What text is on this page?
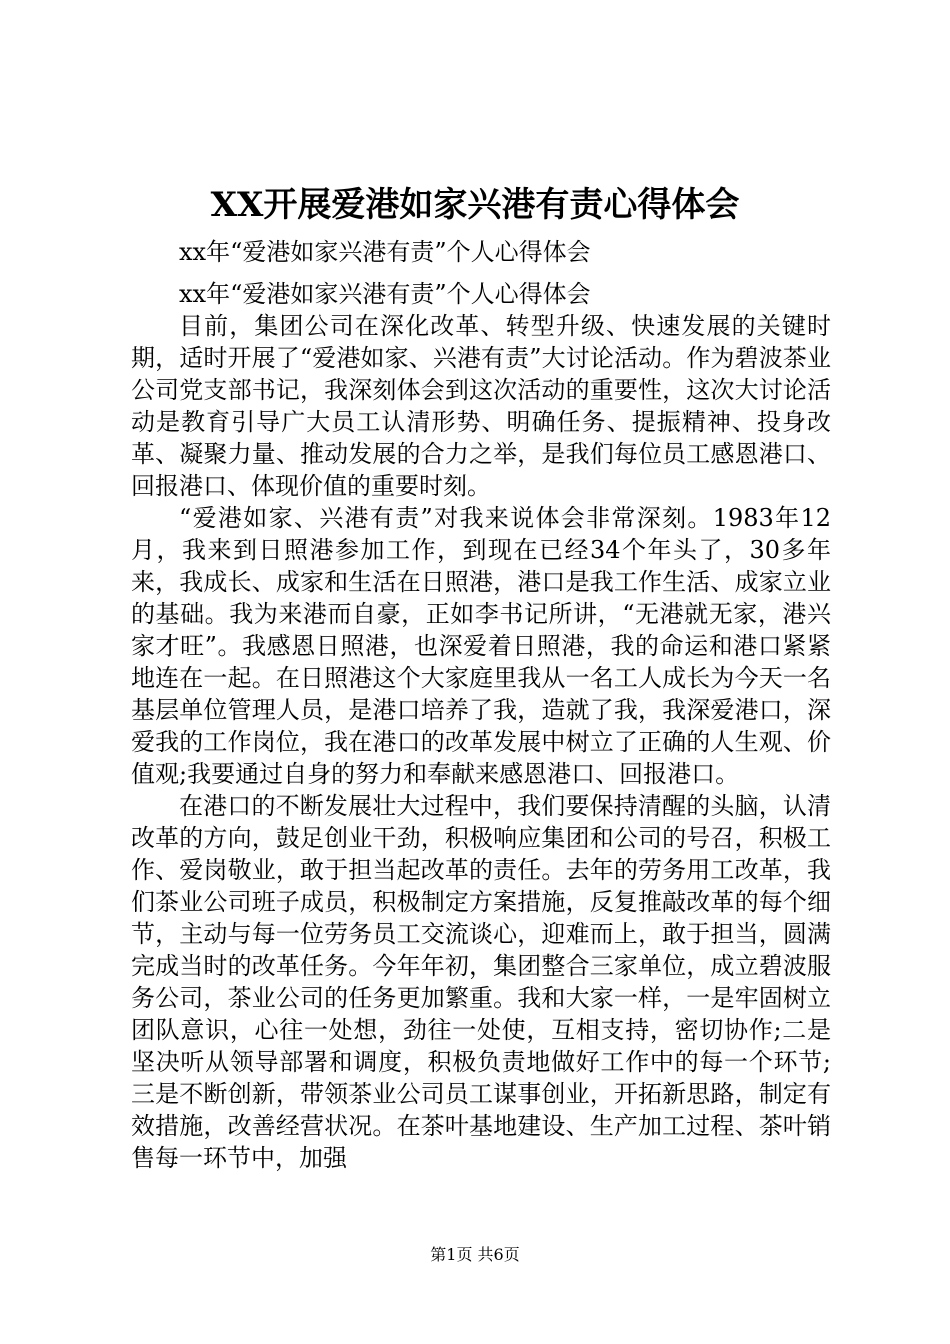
XX开展爱港如家兴港有责心得体会
xx年“爱港如家兴港有责”个人心得体会
xx年“爱港如家兴港有责”个人心得体会

目前，集团公司在深化改革、转型升级、快速发展的关键时期，适时开展了“爱港如家、兴港有责”大讨论活动。作为碧波茶业公司党支部书记，我深刻体会到这次活动的重要性，这次大讨论活动是教育引导广大员工认清形势、明确任务、提振精神、投身改革、凝聚力量、推动发展的合力之举，是我们每位员工感恩港口、回报港口、体现价值的重要时刻。

“爱港如家、兴港有责”对我来说体会非常深刻。1983年12月，我来到日照港参加工作，到现在已经34个年头了，30多年来，我成长、成家和生活在日照港，港口是我工作生活、成家立业的基础。我为来港而自豪，正如李书记所讲，“无港就无家，港兴家才旺”。我感恩日照港，也深爱着日照港，我的命运和港口紧紧地连在一起。在日照港这个大家庭里我从一名工人成长为今天一名基层单位管理人员，是港口培养了我，造就了我，我深爱港口，深爱我的工作岗位，我在港口的改革发展中树立了正确的人生观、价值观;我要通过自身的努力和奉献来感恩港口、回报港口。

在港口的不断发展壮大过程中，我们要保持清醒的头脑，认清改革的方向，鼓足创业干劲，积极响应集团和公司的号召，积极工作、爱岗敬业，敢于担当起改革的责任。去年的劳务用工改革，我们茶业公司班子成员，积极制定方案措施，反复推敲改革的每个细节，主动与每一位劳务员工交流谈心，迎难而上，敢于担当，圆满完成当时的改革任务。今年年初，集团整合三家单位，成立碧波服务公司，茶业公司的任务更加繁重。我和大家一样，一是牢固树立团队意识，心往一处想，劲往一处使，互相支持，密切协作;二是坚决听从领导部署和调度，积极负责地做好工作中的每一个环节;三是不断创新，带领茶业公司员工谋事创业，开拓新思路，制定有效措施，改善经营状况。在茶叶基地建设、生产加工过程、茶叶销售每一环节中，加强

第1页 共6页
